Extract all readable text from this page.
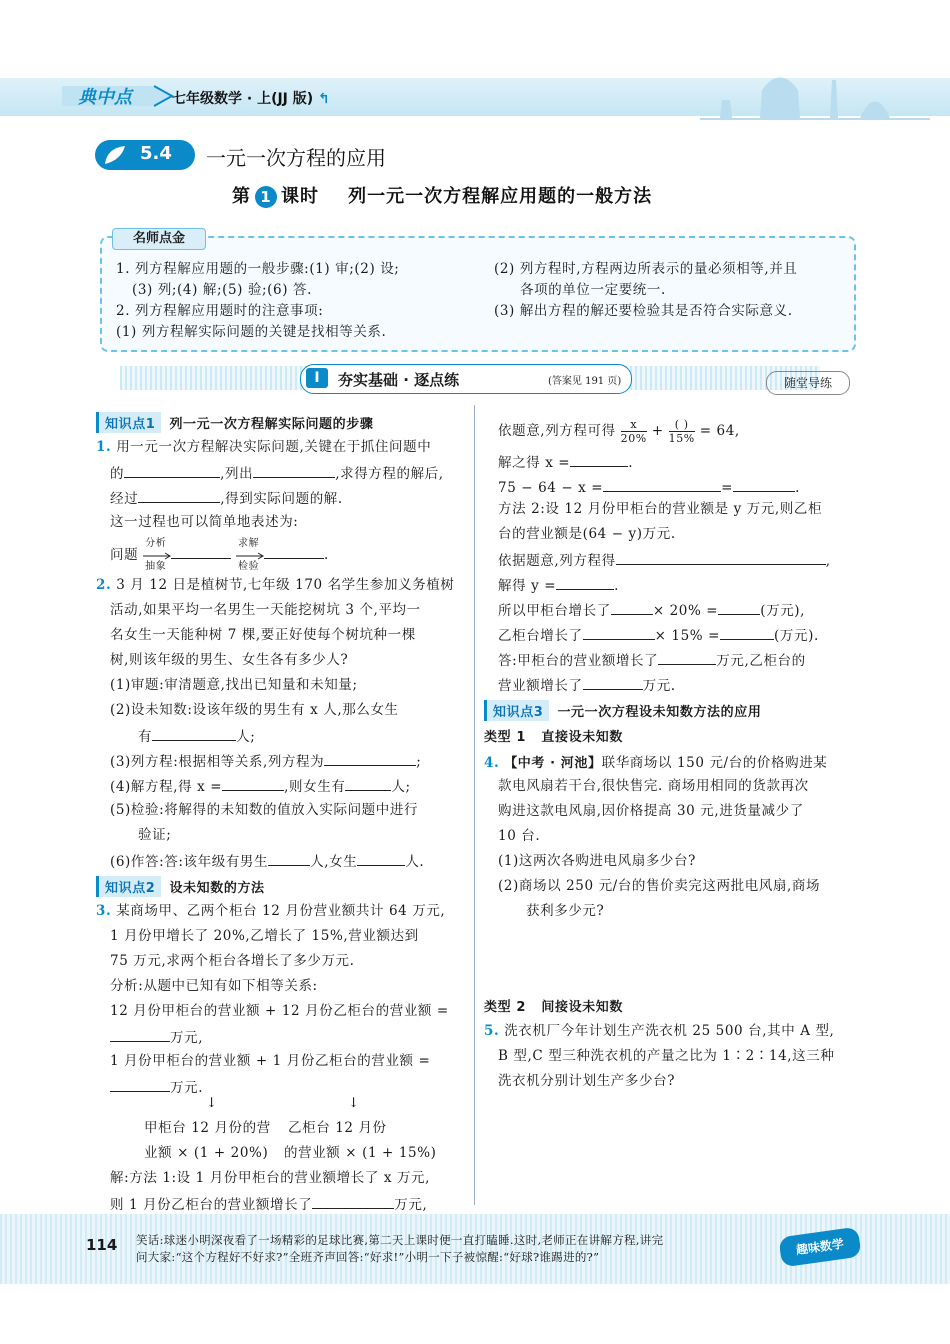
典中点	七年级数学 · 上(JJ 版) ↰
5.4 一元一次方程的应用
第 1 课时 列一元一次方程解应用题的一般方法
名师点金
1. 列方程解应用题的一般步骤:(1) 审;(2) 设;
(3) 列;(4) 解;(5) 验;(6) 答.
2. 列方程解应用题时的注意事项:
(1) 列方程解实际问题的关键是找相等关系.
(2) 列方程时,方程两边所表示的量必须相等,并且
各项的单位一定要统一.
(3) 解出方程的解还要检验其是否符合实际意义.
I	夯实基础 · 逐点练	(答案见 191 页)	随堂导练
知识点1 列一元一次方程解实际问题的步骤
1. 用一元一次方程解决实际问题,关键在于抓住问题中
的	,列出	,求得方程的解后,
经过	,得到实际问题的解.
这一过程也可以简单地表述为:
问题
分析
抽象

求解
检验
.
2. 3 月 12 日是植树节,七年级 170 名学生参加义务植树
活动,如果平均一名男生一天能挖树坑 3 个,平均一
名女生一天能种树 7 棵,要正好使每个树坑种一棵
树,则该年级的男生、女生各有多少人?
(1)审题:审清题意,找出已知量和未知量;
(2)设未知数:设该年级的男生有 x 人,那么女生
有	人;
(3)列方程:根据相等关系,列方程为	;
(4)解方程,得 x =	,则女生有	人;
(5)检验:将解得的未知数的值放入实际问题中进行
验证;
(6)作答:答:该年级有男生	人,女生	人.
知识点2 设未知数的方法
3. 某商场甲、乙两个柜台 12 月份营业额共计 64 万元,
1 月份甲增长了 20%,乙增长了 15%,营业额达到
75 万元,求两个柜台各增长了多少万元.
分析:从题中已知有如下相等关系:
12 月份甲柜台的营业额 + 12 月份乙柜台的营业额 =
万元,
1 月份甲柜台的营业额 + 1 月份乙柜台的营业额 =
万元.
↓	↓
甲柜台 12 月份的营 乙柜台 12 月份
业额 × (1 + 20%) 的营业额 × (1 + 15%)
解:方法 1:设 1 月份甲柜台的营业额增长了 x 万元,
则 1 月份乙柜台的营业额增长了	万元,
依题意,列方程可得 $\frac{x}{20\%} + \frac{( )}{15\%} = 64$,
解之得 x =	.
75 − 64 − x =	=	.
方法 2:设 12 月份甲柜台的营业额是 y 万元,则乙柜
台的营业额是(64 − y)万元.
依据题意,列方程得	,
解得 y =	.
所以甲柜台增长了	× 20% =	(万元),
乙柜台增长了	× 15% =	(万元).
答:甲柜台的营业额增长了	万元,乙柜台的
营业额增长了	万元.
知识点3 一元一次方程设未知数方法的应用
类型 1 直接设未知数
4. 【中考 · 河池】联华商场以 150 元/台的价格购进某
款电风扇若干台,很快售完. 商场用相同的货款再次
购进这款电风扇,因价格提高 30 元,进货量减少了
10 台.
(1)这两次各购进电风扇多少台?
(2)商场以 250 元/台的售价卖完这两批电风扇,商场
获利多少元?
类型 2 间接设未知数
5. 洗衣机厂今年计划生产洗衣机 25 500 台,其中 A 型,
B 型,C 型三种洗衣机的产量之比为 1∶2∶14,这三种
洗衣机分别计划生产多少台?
114 笑话:球迷小明深夜看了一场精彩的足球比赛,第二天上课时便一直打瞌睡.这时,老师正在讲解方程,讲完
问大家:“这个方程好不好求?”全班齐声回答:“好求!”小明一下子被惊醒:“好球?谁踢进的?”	趣味数学
